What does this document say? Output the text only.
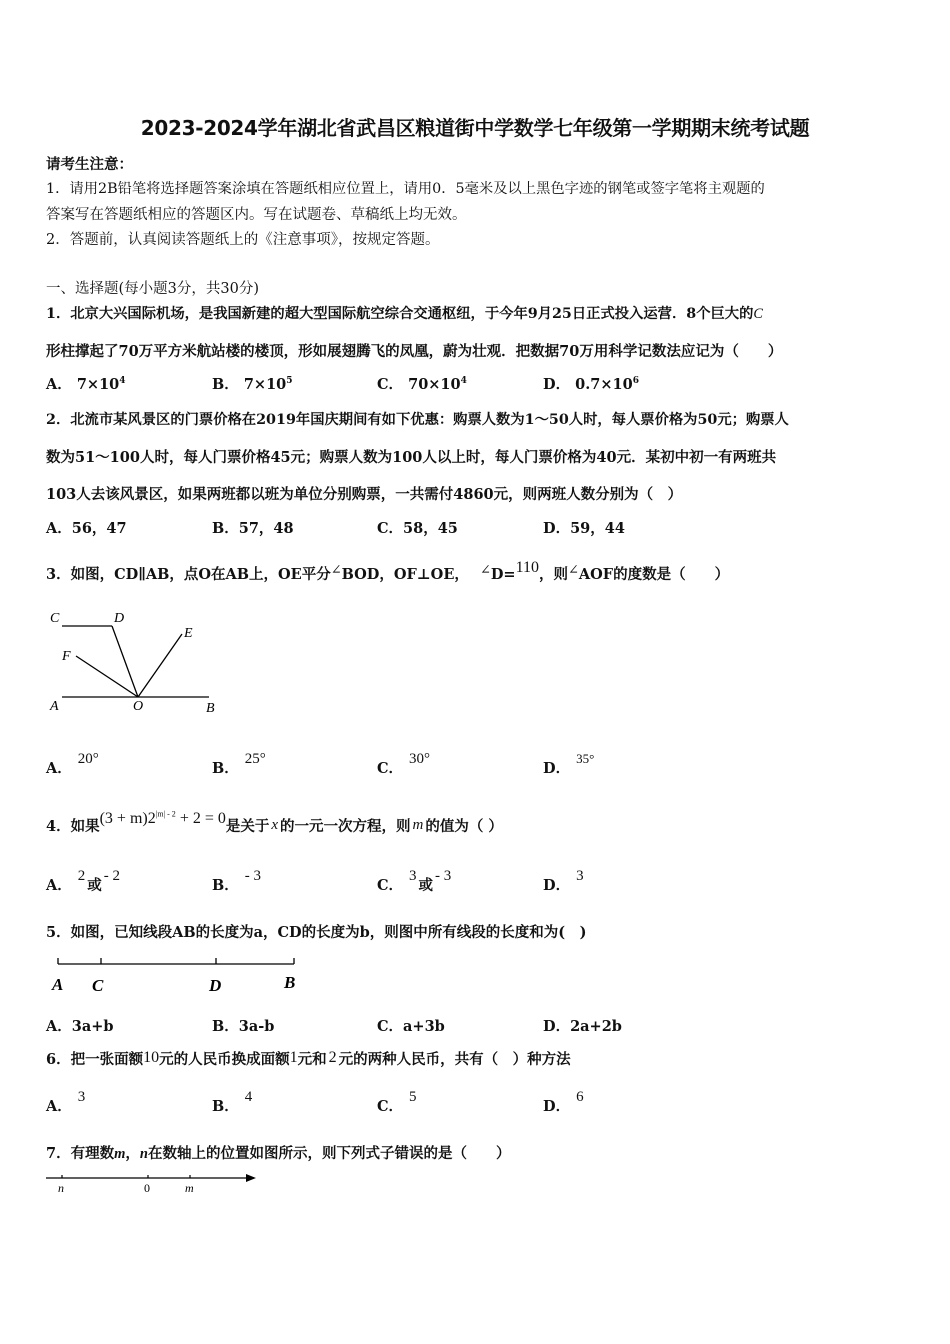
2023-2024学年湖北省武昌区粮道街中学数学七年级第一学期期末统考试题
请考生注意：
1．请用2B铅笔将选择题答案涂填在答题纸相应位置上，请用0．5毫米及以上黑色字迹的钢笔或签字笔将主观题的
答案写在答题纸相应的答题区内。写在试题卷、草稿纸上均无效。
2．答题前，认真阅读答题纸上的《注意事项》，按规定答题。
一、选择题(每小题3分，共30分)
1．北京大兴国际机场，是我国新建的超大型国际航空综合交通枢纽，于今年9月25日正式投入运营．8个巨大的C
形柱撑起了70万平方米航站楼的楼顶，形如展翅腾飞的凤凰，蔚为壮观．把数据70万用科学记数法应记为（　　）
A． $7\times 10^4$	B． $7\times 10^5$	C． $70\times 10^4$	D． $0.7\times 10^6$
2．北流市某风景区的门票价格在2019年国庆期间有如下优惠：购票人数为1～50人时，每人票价格为50元；购票人
数为51～100人时，每人门票价格45元；购票人数为100人以上时，每人门票价格为40元．某初中初一有两班共
103人去该风景区，如果两班都以班为单位分别购票，一共需付4860元，则两班人数分别为（　）
A．56，47	B．57，48	C．58，45	D．59，44
3．如图，CD∥AB，点O在AB上，OE平分∠BOD，OF⊥OE， ∠D=110，则∠AOF的度数是（　　）
C	D
E
F
A	O	B
A．20°
B．25°
C．30°
D．35°
4．如果$(3 + m)2^{|m| - 2} + 2 = 0$是关于 x 的一元一次方程，则 m 的值为（ ）
A．2或- 2
B．- 3
C．3或- 3
D．3
5．如图，已知线段AB的长度为a，CD的长度为b，则图中所有线段的长度和为(　)
A C	D	B
A．3a+b	B．3a-b	C．a+3b	D．2a+2b
6．把一张面额10元的人民币换成面额1元和 2 元的两种人民币，共有（　）种方法
A．3
B．4
C．5
D．6
7．有理数m，n在数轴上的位置如图所示，则下列式子错误的是（　　）
n	0	m
